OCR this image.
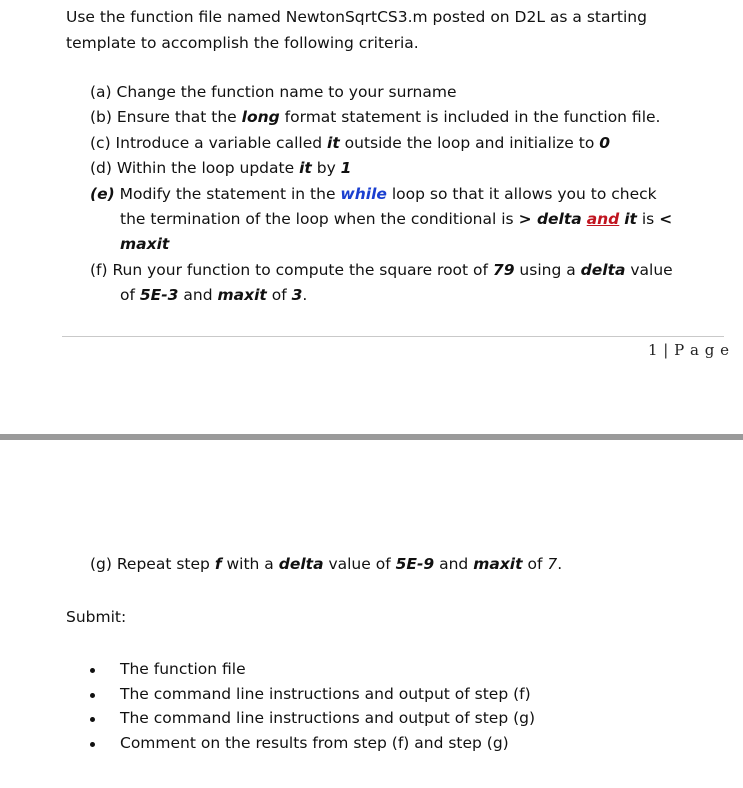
Use the function file named NewtonSqrtCS3.m posted on D2L as a starting
template to accomplish the following criteria.
(a) Change the function name to your surname
(b) Ensure that the long format statement is included in the function file.
(c) Introduce a variable called it outside the loop and initialize to 0
(d) Within the loop update it by 1
(e) Modify the statement in the while loop so that it allows you to check
the termination of the loop when the conditional is > delta and it is <
maxit
(f) Run your function to compute the square root of 79 using a delta value
of 5E-3 and maxit of 3.
1 | P a g e
(g) Repeat step f with a delta value of 5E-9 and maxit of 7.
Submit:
The function file
The command line instructions and output of step (f)
The command line instructions and output of step (g)
Comment on the results from step (f) and step (g)
